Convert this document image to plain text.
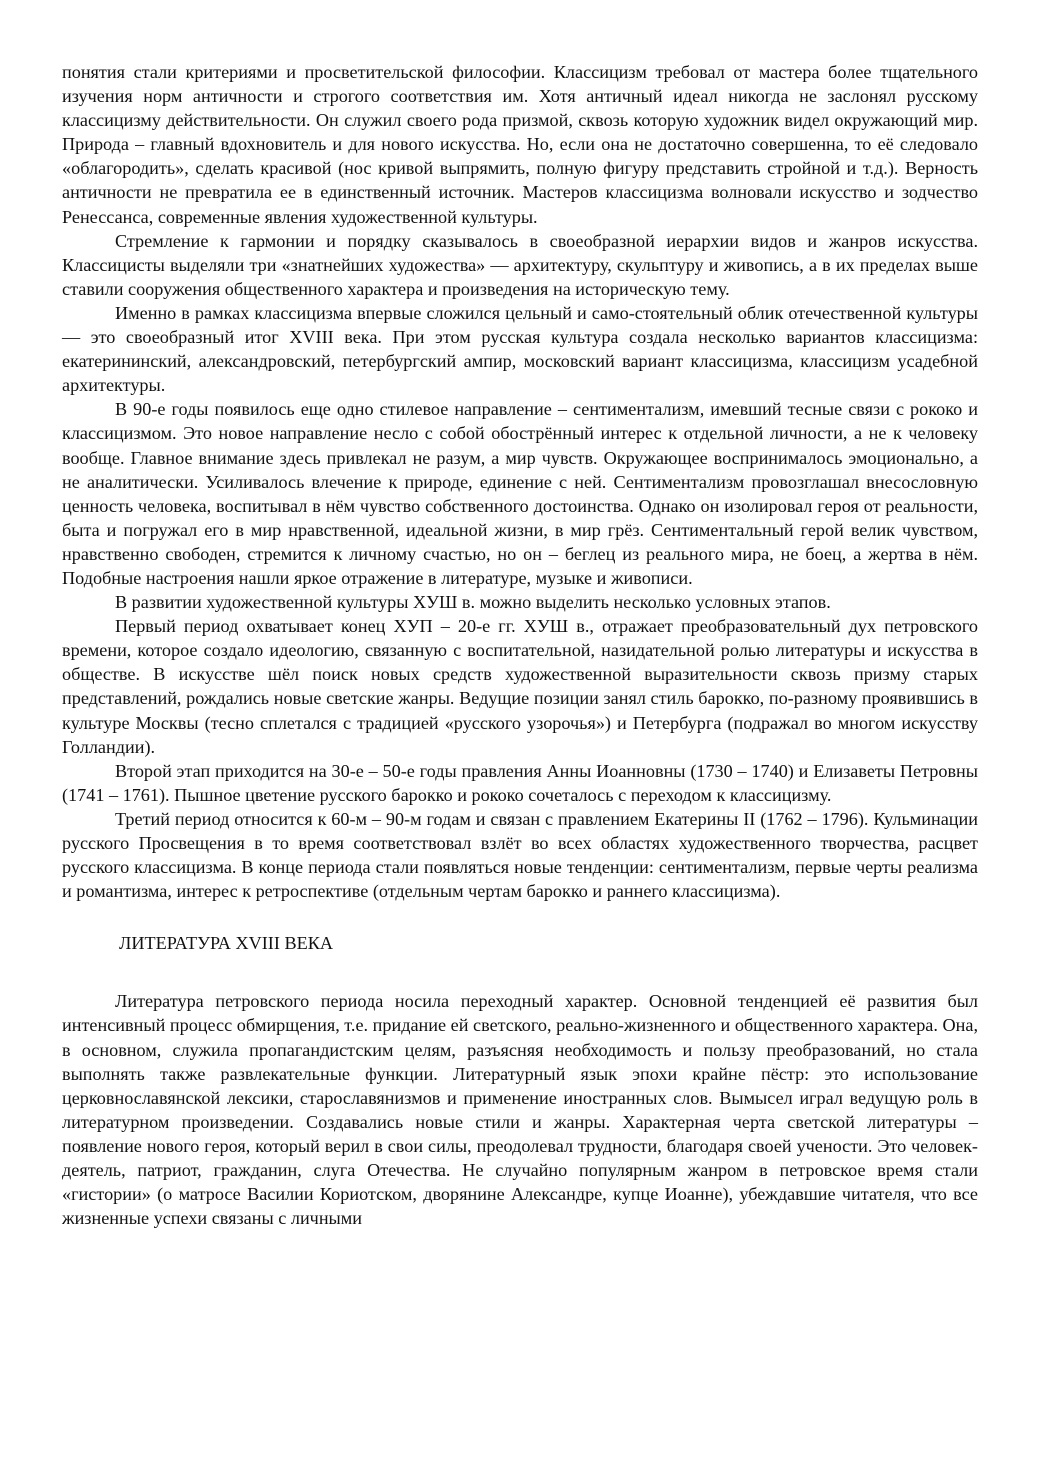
понятия стали критериями и просветительской философии. Классицизм требовал от мастера более тщательного изучения норм античности и строгого соответствия им. Хотя античный идеал никогда не заслонял русскому классицизму действительности. Он служил своего рода призмой, сквозь которую художник видел окружающий мир. Природа – главный вдохновитель и для нового искусства. Но, если она не достаточно совершенна, то её следовало «облагородить», сделать красивой (нос кривой выпрямить, полную фигуру представить стройной и т.д.). Верность античности не превратила ее в единственный источник. Мастеров классицизма волновали искусство и зодчество Ренессанса, современные явления художественной культуры.

Стремление к гармонии и порядку сказывалось в своеобразной иерархии видов и жанров искусства. Классицисты выделяли три «знатнейших художества» — архитектуру, скульптуру и живопись, а в их пределах выше ставили сооружения общественного характера и произведения на историческую тему.

Именно в рамках классицизма впервые сложился цельный и само-стоятельный облик отечественной культуры — это своеобразный итог XVIII века. При этом русская культура создала несколько вариантов классицизма: екатерининский, александровский, петербургский ампир, московский вариант классицизма, классицизм усадебной архитектуры.

В 90-е годы появилось еще одно стилевое направление – сентиментализм, имевший тесные связи с рококо и классицизмом. Это новое направление несло с собой обострённый интерес к отдельной личности, а не к человеку вообще. Главное внимание здесь привлекал не разум, а мир чувств. Окружающее воспринималось эмоционально, а не аналитически. Усиливалось влечение к природе, единение с ней. Сентиментализм провозглашал внесословную ценность человека, воспитывал в нём чувство собственного достоинства. Однако он изолировал героя от реальности, быта и погружал его в мир нравственной, идеальной жизни, в мир грёз. Сентиментальный герой велик чувством, нравственно свободен, стремится к личному счастью, но он – беглец из реального мира, не боец, а жертва в нём. Подобные настроения нашли яркое отражение в литературе, музыке и живописи.

В развитии художественной культуры ХУШ в. можно выделить несколько условных этапов.

Первый период охватывает конец ХУП – 20-е гг. ХУШ в., отражает преобразовательный дух петровского времени, которое создало идеологию, связанную с воспитательной, назидательной ролью литературы и искусства в обществе. В искусстве шёл поиск новых средств художественной выразительности сквозь призму старых представлений, рождались новые светские жанры. Ведущие позиции занял стиль барокко, по-разному проявившись в культуре Москвы (тесно сплетался с традицией «русского узорочья») и Петербурга (подражал во многом искусству Голландии).

Второй этап приходится на 30-е – 50-е годы правления Анны Иоанновны (1730 – 1740) и Елизаветы Петровны (1741 – 1761). Пышное цветение русского барокко и рококо сочеталось с переходом к классицизму.

Третий период относится к 60-м – 90-м годам и связан с правлением Екатерины II (1762 – 1796). Кульминации русского Просвещения в то время соответствовал взлёт во всех областях художественного творчества, расцвет русского классицизма. В конце периода стали появляться новые тенденции: сентиментализм, первые черты реализма и романтизма, интерес к ретроспективе (отдельным чертам барокко и раннего классицизма).

ЛИТЕРАТУРА XVIII ВЕКА

Литература петровского периода носила переходный характер. Основной тенденцией её развития был интенсивный процесс обмирщения, т.е. придание ей светского, реально-жизненного и общественного характера. Она, в основном, служила пропагандистским целям, разъясняя необходимость и пользу преобразований, но стала выполнять также развлекательные функции. Литературный язык эпохи крайне пёстр: это использование церковнославянской лексики, старославянизмов и применение иностранных слов. Вымысел играл ведущую роль в литературном произведении. Создавались новые стили и жанры. Характерная черта светской литературы – появление нового героя, который верил в свои силы, преодолевал трудности, благодаря своей учености. Это человек-деятель, патриот, гражданин, слуга Отечества. Не случайно популярным жанром в петровское время стали «гистории» (о матросе Василии Кориотском, дворянине Александре, купце Иоанне), убеждавшие читателя, что все жизненные успехи связаны с личными
